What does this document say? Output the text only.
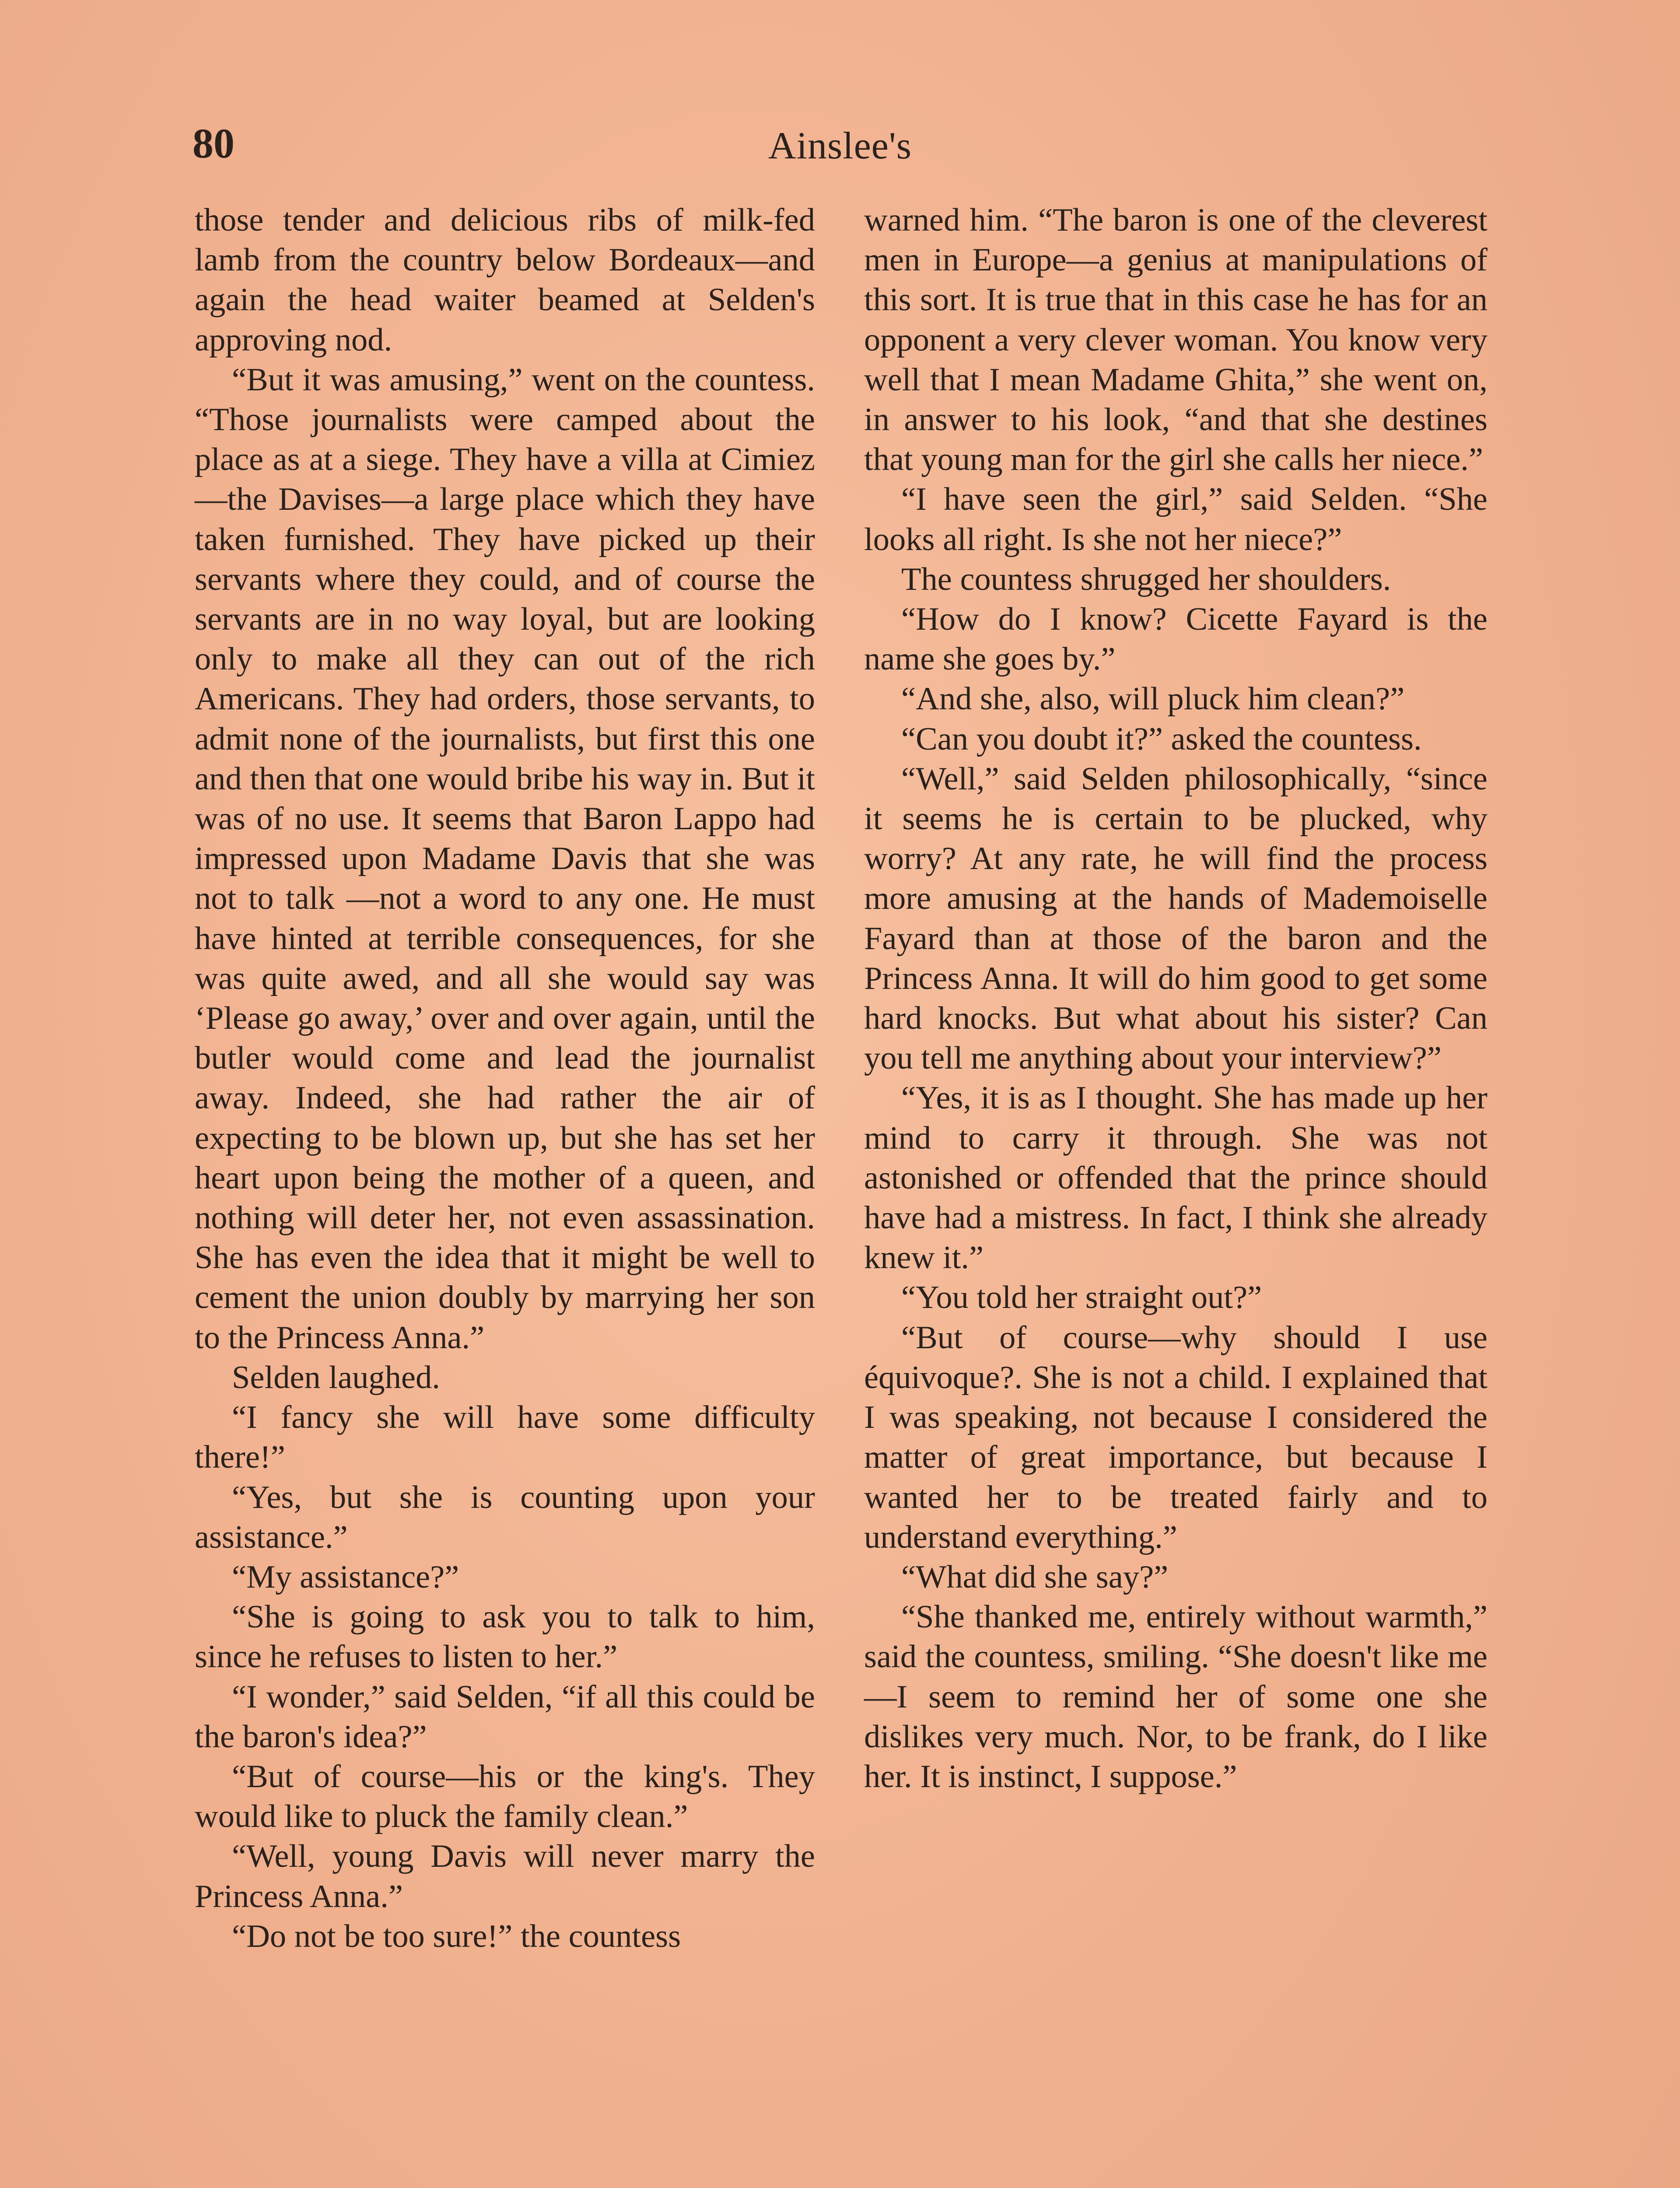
80	Ainslee's

those tender and delicious ribs of milk-fed lamb from the country below Bordeaux—and again the head waiter beamed at Selden's approving nod.

“But it was amusing,” went on the countess. “Those journalists were camped about the place as at a siege. They have a villa at Cimiez—the Davises—a large place which they have taken furnished. They have picked up their servants where they could, and of course the servants are in no way loyal, but are looking only to make all they can out of the rich Americans. They had orders, those servants, to admit none of the journalists, but first this one and then that one would bribe his way in. But it was of no use. It seems that Baron Lappo had impressed upon Madame Davis that she was not to talk —not a word to any one. He must have hinted at terrible consequences, for she was quite awed, and all she would say was ‘Please go away,’ over and over again, until the butler would come and lead the journalist away. Indeed, she had rather the air of expecting to be blown up, but she has set her heart upon being the mother of a queen, and nothing will deter her, not even assassination. She has even the idea that it might be well to cement the union doubly by marrying her son to the Princess Anna.”

Selden laughed.

“I fancy she will have some difficulty there!”

“Yes, but she is counting upon your assistance.”

“My assistance?”

“She is going to ask you to talk to him, since he refuses to listen to her.”

“I wonder,” said Selden, “if all this could be the baron's idea?”

“But of course—his or the king's. They would like to pluck the family clean.”

“Well, young Davis will never marry the Princess Anna.”

“Do not be too sure!” the countess

warned him. “The baron is one of the cleverest men in Europe—a genius at manipulations of this sort. It is true that in this case he has for an opponent a very clever woman. You know very well that I mean Madame Ghita,” she went on, in answer to his look, “and that she destines that young man for the girl she calls her niece.”

“I have seen the girl,” said Selden. “She looks all right. Is she not her niece?”

The countess shrugged her shoulders.

“How do I know? Cicette Fayard is the name she goes by.”

“And she, also, will pluck him clean?”

“Can you doubt it?” asked the countess.

“Well,” said Selden philosophically, “since it seems he is certain to be plucked, why worry? At any rate, he will find the process more amusing at the hands of Mademoiselle Fayard than at those of the baron and the Princess Anna. It will do him good to get some hard knocks. But what about his sister? Can you tell me anything about your interview?”

“Yes, it is as I thought. She has made up her mind to carry it through. She was not astonished or offended that the prince should have had a mistress. In fact, I think she already knew it.”

“You told her straight out?”

“But of course—why should I use équivoque?. She is not a child. I explained that I was speaking, not because I considered the matter of great importance, but because I wanted her to be treated fairly and to understand everything.”

“What did she say?”

“She thanked me, entirely without warmth,” said the countess, smiling. “She doesn't like me—I seem to remind her of some one she dislikes very much. Nor, to be frank, do I like her. It is instinct, I suppose.”
